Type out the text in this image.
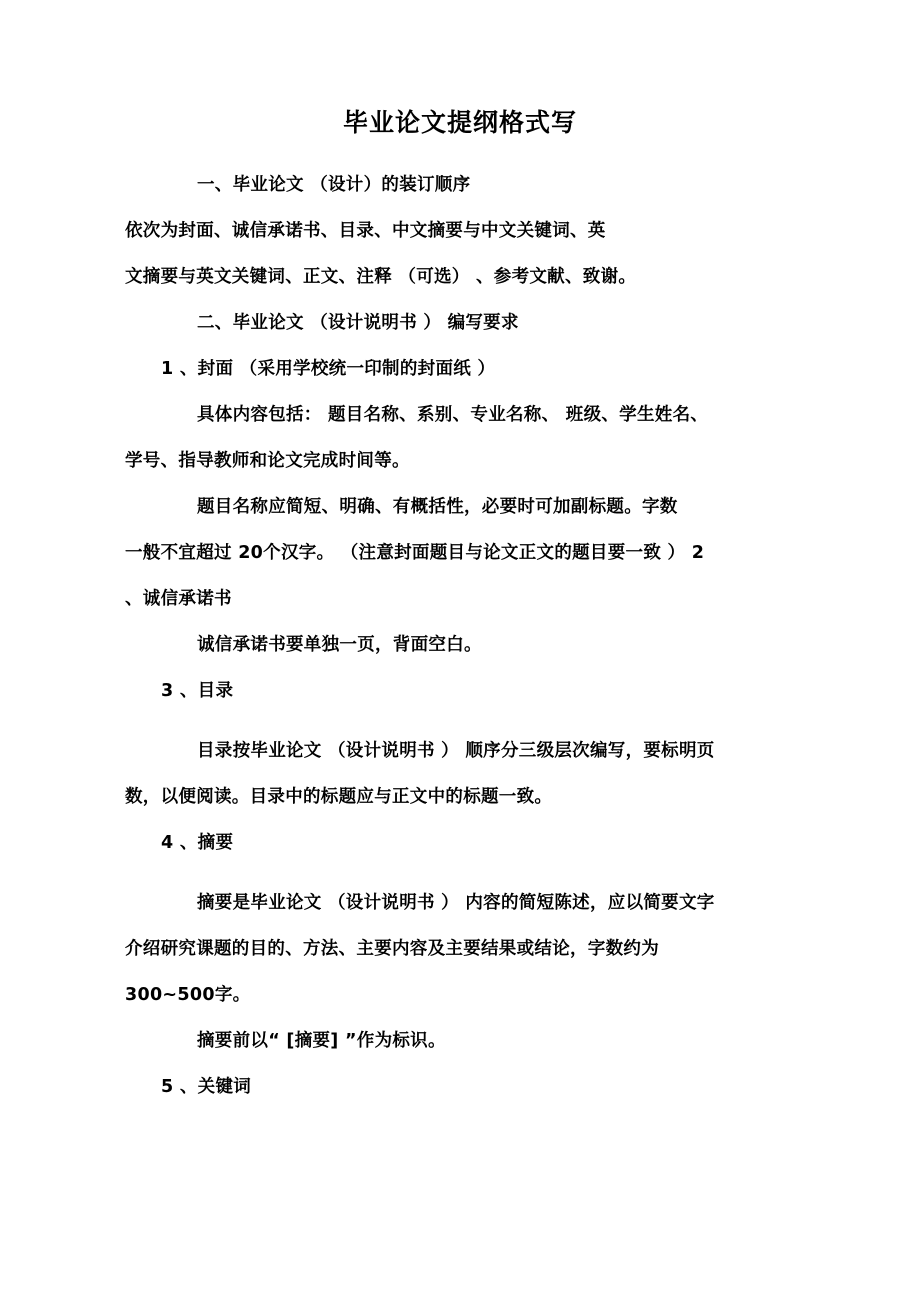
毕业论文提纲格式写

一、毕业论文 （设计）的装订顺序

依次为封面、诚信承诺书、目录、中文摘要与中文关键词、英

文摘要与英文关键词、正文、注释 （可选） 、参考文献、致谢。

二、毕业论文 （设计说明书 ） 编写要求

1 、封面 （采用学校统一印制的封面纸 ）

具体内容包括： 题目名称、系别、专业名称、 班级、学生姓名、

学号、指导教师和论文完成时间等。

题目名称应简短、明确、有概括性，必要时可加副标题。字数

一般不宜超过 20个汉字。 （注意封面题目与论文正文的题目要一致 ） 2

、诚信承诺书

诚信承诺书要单独一页，背面空白。

3 、目录

目录按毕业论文 （设计说明书 ） 顺序分三级层次编写，要标明页

数，以便阅读。目录中的标题应与正文中的标题一致。

4 、摘要

摘要是毕业论文 （设计说明书 ） 内容的简短陈述，应以简要文字

介绍研究课题的目的、方法、主要内容及主要结果或结论，字数约为

300~500字。

摘要前以“ [摘要] ”作为标识。

5 、关键词
